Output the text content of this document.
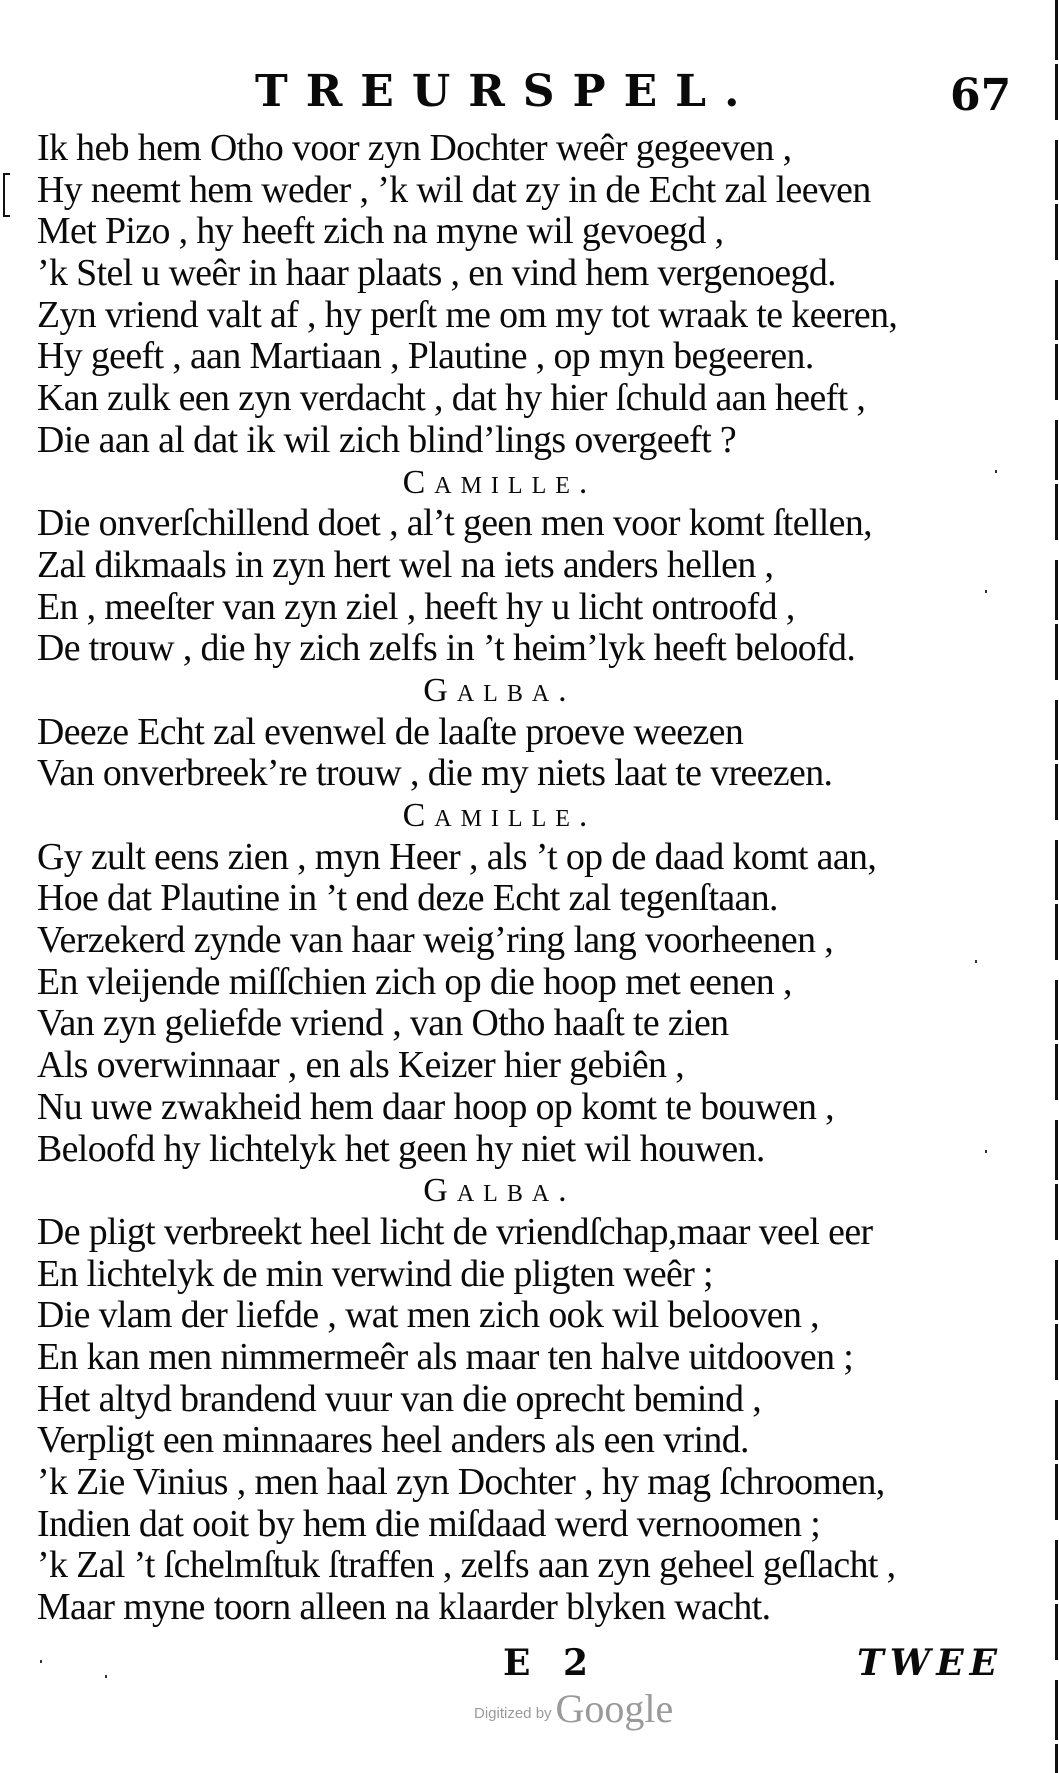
TREURSPEL.	67
Ik heb hem Otho voor zyn Dochter weêr gegeeven ,
Hy neemt hem weder , ’k wil dat zy in de Echt zal leeven
Met Pizo , hy heeft zich na myne wil gevoegd ,
’k Stel u weêr in haar plaats , en vind hem vergenoegd.
Zyn vriend valt af , hy perſt me om my tot wraak te keeren,
Hy geeft , aan Martiaan , Plautine , op myn begeeren.
Kan zulk een zyn verdacht , dat hy hier ſchuld aan heeft ,
Die aan al dat ik wil zich blind’lings overgeeft ?
Camille.
Die onverſchillend doet , al’t geen men voor komt ſtellen,
Zal dikmaals in zyn hert wel na iets anders hellen ,
En , meeſter van zyn ziel , heeft hy u licht ontroofd ,
De trouw , die hy zich zelfs in ’t heim’lyk heeft beloofd.
Galba.
Deeze Echt zal evenwel de laaſte proeve weezen
Van onverbreek’re trouw , die my niets laat te vreezen.
Camille.
Gy zult eens zien , myn Heer , als ’t op de daad komt aan,
Hoe dat Plautine in ’t end deze Echt zal tegenſtaan.
Verzekerd zynde van haar weig’ring lang voorheenen ,
En vleijende miſſchien zich op die hoop met eenen ,
Van zyn geliefde vriend , van Otho haaſt te zien
Als overwinnaar , en als Keizer hier gebiên ,
Nu uwe zwakheid hem daar hoop op komt te bouwen ,
Beloofd hy lichtelyk het geen hy niet wil houwen.
Galba.
De pligt verbreekt heel licht de vriendſchap,maar veel eer
En lichtelyk de min verwind die pligten weêr ;
Die vlam der liefde , wat men zich ook wil belooven ,
En kan men nimmermeêr als maar ten halve uitdooven ;
Het altyd brandend vuur van die oprecht bemind ,
Verpligt een minnaares heel anders als een vrind.
’k Zie Vinius , men haal zyn Dochter , hy mag ſchroomen,
Indien dat ooit by hem die miſdaad werd vernoomen ;
’k Zal ’t ſchelmſtuk ſtraffen , zelfs aan zyn geheel geſlacht ,
Maar myne toorn alleen na klaarder blyken wacht.
E 2	TWEE
Digitized by Google
